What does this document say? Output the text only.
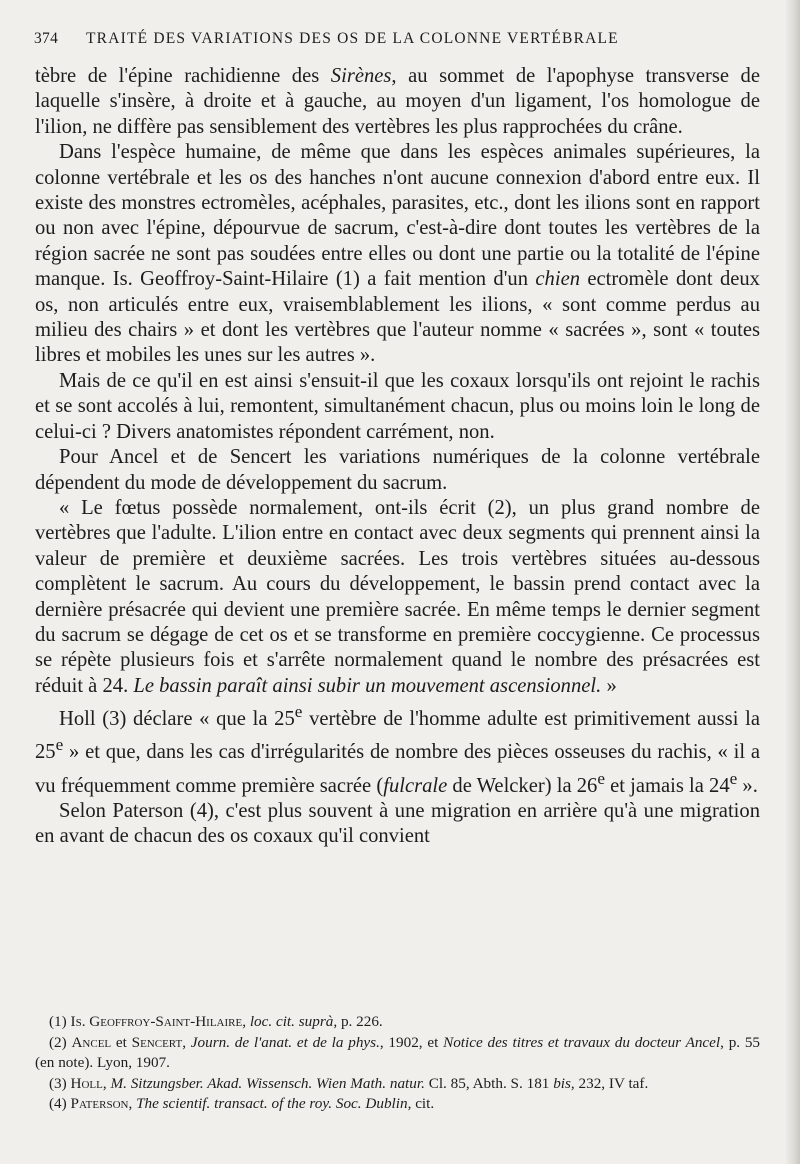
374 TRAITÉ DES VARIATIONS DES OS DE LA COLONNE VERTÉBRALE

tèbre de l'épine rachidienne des Sirènes, au sommet de l'apophyse transverse de laquelle s'insère, à droite et à gauche, au moyen d'un ligament, l'os homologue de l'ilion, ne diffère pas sensiblement des vertèbres les plus rapprochées du crâne.

Dans l'espèce humaine, de même que dans les espèces animales supérieures, la colonne vertébrale et les os des hanches n'ont aucune connexion d'abord entre eux. Il existe des monstres ectromèles, acéphales, parasites, etc., dont les ilions sont en rapport ou non avec l'épine, dépourvue de sacrum, c'est-à-dire dont toutes les vertèbres de la région sacrée ne sont pas soudées entre elles ou dont une partie ou la totalité de l'épine manque. Is. Geoffroy-Saint-Hilaire (1) a fait mention d'un chien ectromèle dont deux os, non articulés entre eux, vraisemblablement les ilions, « sont comme perdus au milieu des chairs » et dont les vertèbres que l'auteur nomme « sacrées », sont « toutes libres et mobiles les unes sur les autres ».

Mais de ce qu'il en est ainsi s'ensuit-il que les coxaux lorsqu'ils ont rejoint le rachis et se sont accolés à lui, remontent, simultanément chacun, plus ou moins loin le long de celui-ci ? Divers anatomistes répondent carrément, non.

Pour Ancel et de Sencert les variations numériques de la colonne vertébrale dépendent du mode de développement du sacrum.

« Le fœtus possède normalement, ont-ils écrit (2), un plus grand nombre de vertèbres que l'adulte. L'ilion entre en contact avec deux segments qui prennent ainsi la valeur de première et deuxième sacrées. Les trois vertèbres situées au-dessous complètent le sacrum. Au cours du développement, le bassin prend contact avec la dernière présacrée qui devient une première sacrée. En même temps le dernier segment du sacrum se dégage de cet os et se transforme en première coccygienne. Ce processus se répète plusieurs fois et s'arrête normalement quand le nombre des présacrées est réduit à 24. Le bassin paraît ainsi subir un mouvement ascensionnel. »

Holl (3) déclare « que la 25e vertèbre de l'homme adulte est primitivement aussi la 25e » et que, dans les cas d'irrégularités de nombre des pièces osseuses du rachis, « il a vu fréquemment comme première sacrée (fulcrale de Welcker) la 26e et jamais la 24e ».

Selon Paterson (4), c'est plus souvent à une migration en arrière qu'à une migration en avant de chacun des os coxaux qu'il convient

(1) Is. Geoffroy-Saint-Hilaire, loc. cit. suprà, p. 226.

(2) Ancel et Sencert, Journ. de l'anat. et de la phys., 1902, et Notice des titres et travaux du docteur Ancel, p. 55 (en note). Lyon, 1907.

(3) Holl, M. Sitzungsber. Akad. Wissensch. Wien Math. natur. Cl. 85, Abth. S. 181 bis, 232, IV taf.

(4) Paterson, The scientif. transact. of the roy. Soc. Dublin, cit.
